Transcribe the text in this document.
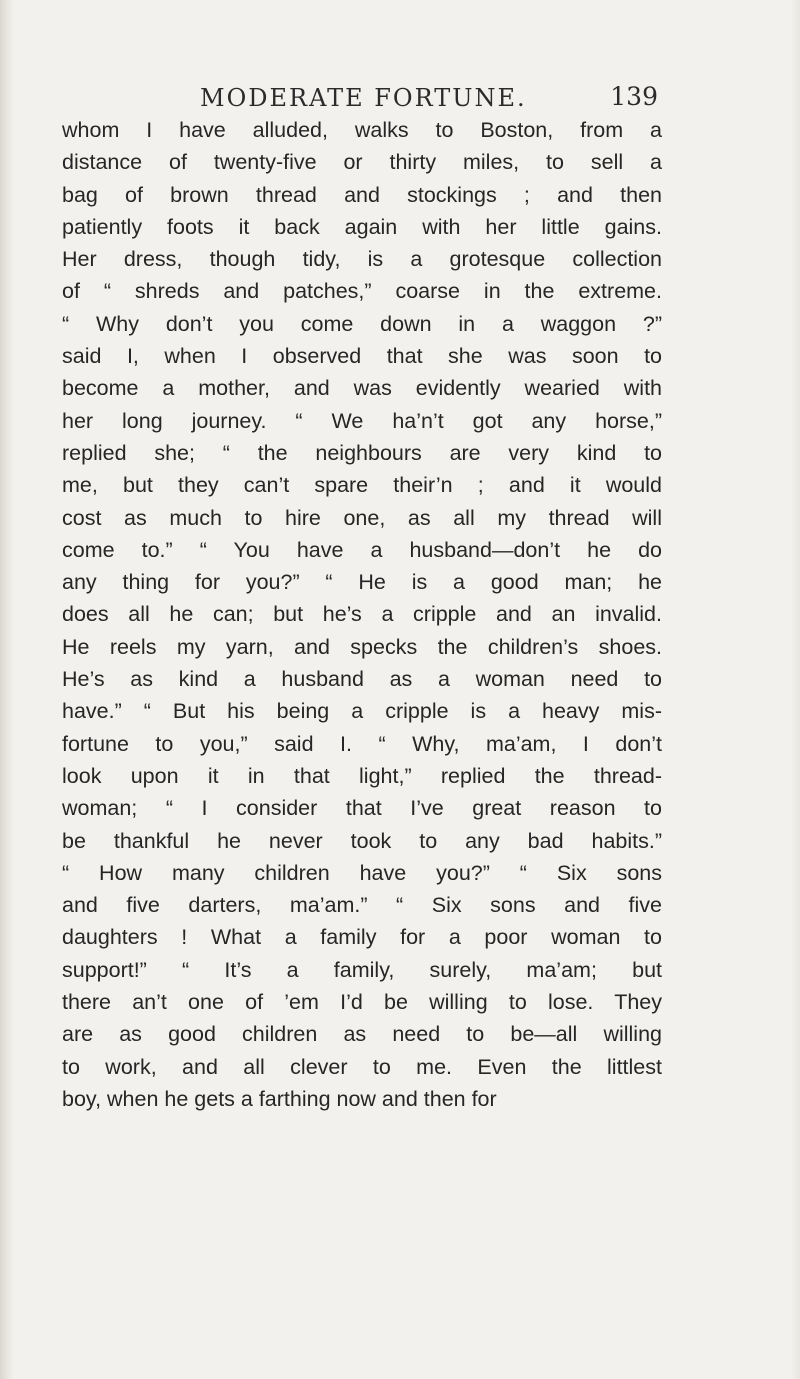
MODERATE FORTUNE.	139
whom I have alluded, walks to Boston, from a
distance of twenty-five or thirty miles, to sell a
bag of brown thread and stockings ; and then
patiently foots it back again with her little gains.
Her dress, though tidy, is a grotesque collection
of “ shreds and patches,” coarse in the extreme.
“ Why don’t you come down in a waggon ?”
said I, when I observed that she was soon to
become a mother, and was evidently wearied with
her long journey. “ We ha’n’t got any horse,”
replied she; “ the neighbours are very kind to
me, but they can’t spare their’n ; and it would
cost as much to hire one, as all my thread will
come to.” “ You have a husband—don’t he do
any thing for you?” “ He is a good man; he
does all he can; but he’s a cripple and an invalid.
He reels my yarn, and specks the children’s shoes.
He’s as kind a husband as a woman need to
have.” “ But his being a cripple is a heavy mis-
fortune to you,” said I. “ Why, ma’am, I don’t
look upon it in that light,” replied the thread-
woman; “ I consider that I’ve great reason to
be thankful he never took to any bad habits.”
“ How many children have you?” “ Six sons
and five darters, ma’am.” “ Six sons and five
daughters ! What a family for a poor woman to
support!” “ It’s a family, surely, ma’am; but
there an’t one of ’em I’d be willing to lose. They
are as good children as need to be—all willing
to work, and all clever to me. Even the littlest
boy, when he gets a farthing now and then for
